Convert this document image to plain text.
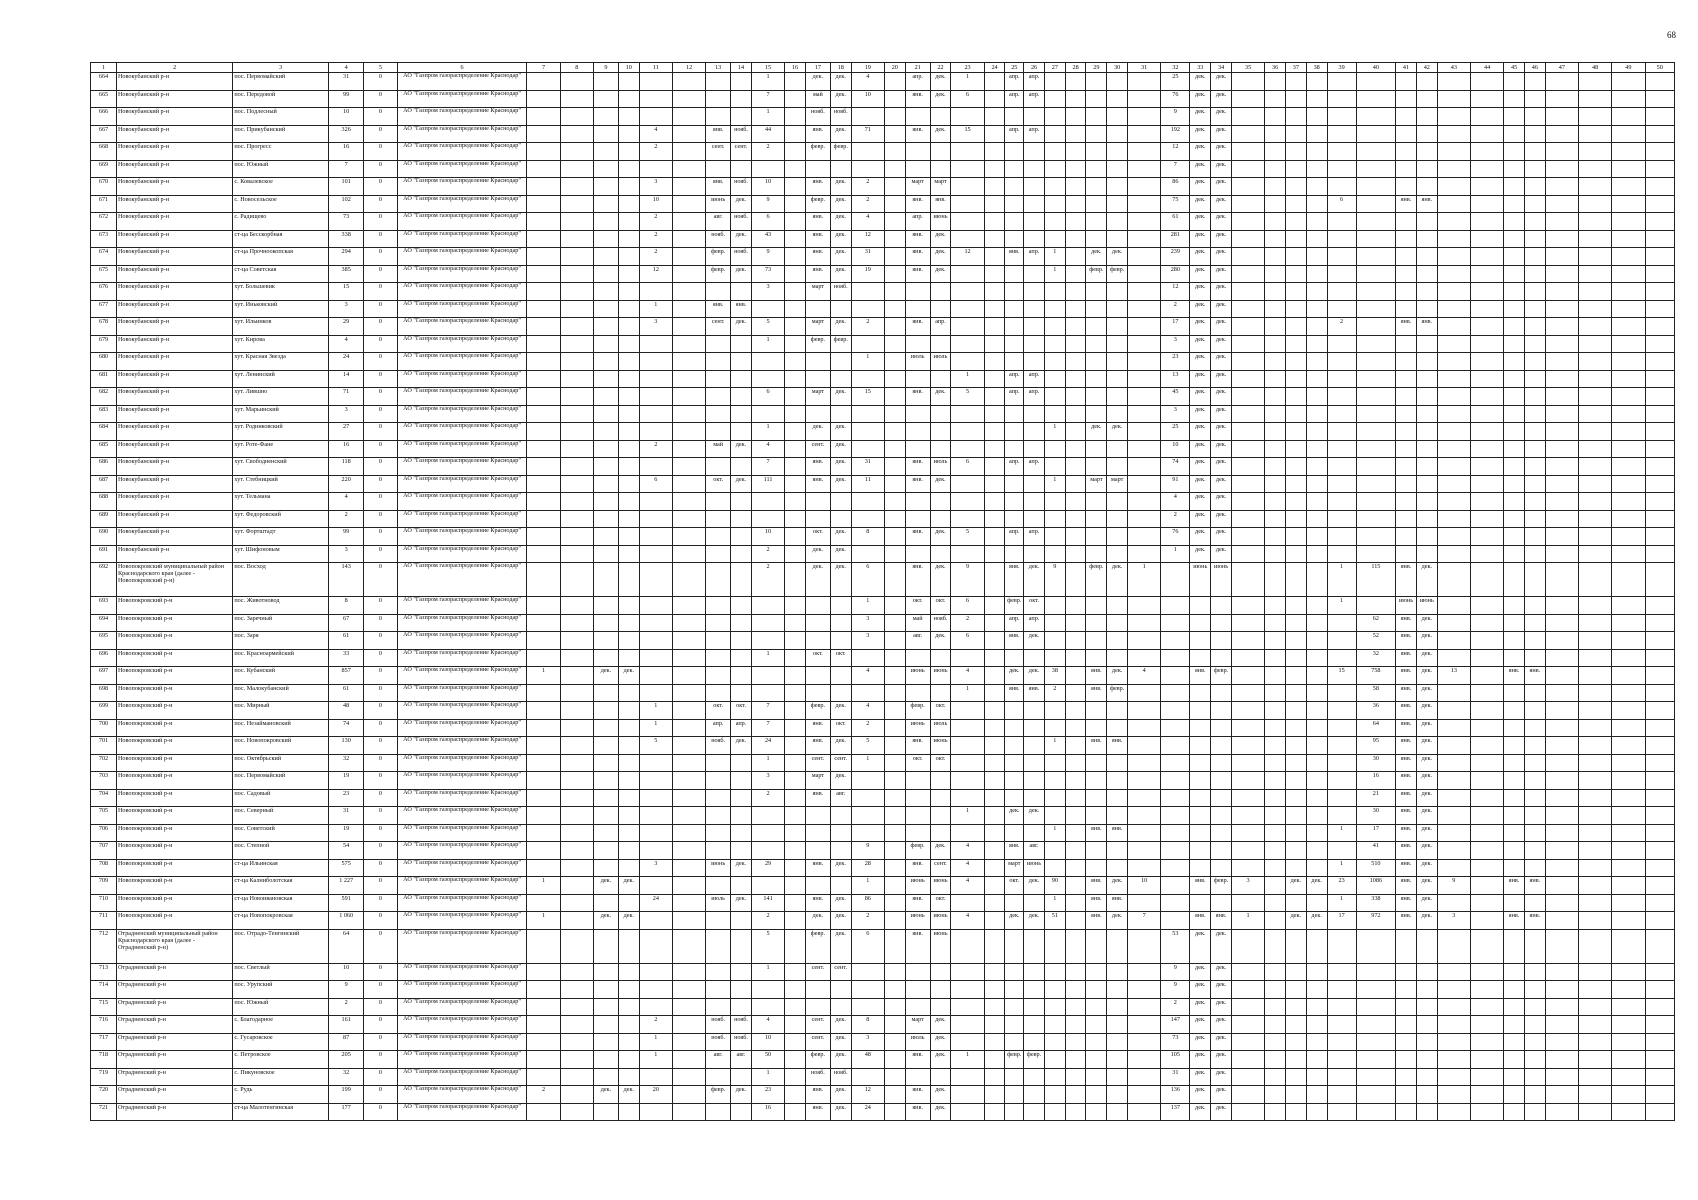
68
1	2	3	4	5	6	7	8	9	10	11	12	13	14	15	16	17	18	19	20	21	22	23	24	25	26	27	28	29	30	31	32	33	34	35	36	37	38	39	40	41	42	43	44	45	46	47	48	49	50
664	Новокубанский р-н	пос. Первомайский	31	0	АО "Газпром газораспределение Краснодар"									1		дек.	дек.	4		апр.	дек.	1		апр.	апр.						25	дек.	дек.																
665	Новокубанский р-н	пос. Передовой	99	0	АО "Газпром газораспределение Краснодар"									7		май	дек.	10		янв.	дек.	6		апр.	апр.						76	дек.	дек.																
666	Новокубанский р-н	пос. Подлесный	10	0	АО "Газпром газораспределение Краснодар"									1		нояб.	нояб.														9	дек.	дек.																
667	Новокубанский р-н	пос. Прикубанский	326	0	АО "Газпром газораспределение Краснодар"					4		янв.	нояб.	44		янв.	дек.	71		янв.	дек.	15		апр.	апр.						192	дек.	дек.																
668	Новокубанский р-н	пос. Прогресс	16	0	АО "Газпром газораспределение Краснодар"					2		сент.	сент.	2		февр.	февр.														12	дек.	дек.																
669	Новокубанский р-н	пос. Южный	7	0	АО "Газпром газораспределение Краснодар"																										7	дек.	дек.																
670	Новокубанский р-н	с. Ковалевское	101	0	АО "Газпром газораспределение Краснодар"					3		янв.	нояб.	10		янв.	дек.	2		март	март										86	дек.	дек.																
671	Новокубанский р-н	с. Новосельское	102	0	АО "Газпром газораспределение Краснодар"					10		июнь	дек.	9		февр.	дек.	2		янв.	янв.										75	дек.	дек.					6		янв.	янв.								
672	Новокубанский р-н	с. Радищево	73	0	АО "Газпром газораспределение Краснодар"					2		авг.	нояб.	6		янв.	дек.	4		апр.	июнь										61	дек.	дек.																
673	Новокубанский р-н	ст-ца Бесскорбная	338	0	АО "Газпром газораспределение Краснодар"					2		нояб.	дек.	43		янв.	дек.	12		янв.	дек.										281	дек.	дек.																
674	Новокубанский р-н	ст-ца Прочноокопская	294	0	АО "Газпром газораспределение Краснодар"					2		февр.	нояб.	9		янв.	дек.	31		янв.	дек.	12		янв.	апр.	1		дек.	дек.		239	дек.	дек.																
675	Новокубанский р-н	ст-ца Советская	385	0	АО "Газпром газораспределение Краснодар"					12		февр.	дек.	73		янв.	дек.	19		янв.	дек.					1		февр.	февр.		280	дек.	дек.																
676	Новокубанский р-н	хут. Большевик	15	0	АО "Газпром газораспределение Краснодар"									3		март	нояб.														12	дек.	дек.																
677	Новокубанский р-н	хут. Иньковский	3	0	АО "Газпром газораспределение Краснодар"					1		янв.	янв.																		2	дек.	дек.																
678	Новокубанский р-н	хут. Ильинков	29	0	АО "Газпром газораспределение Краснодар"					3		сент.	дек.	5		март	дек.	2		янв.	апр.										17	дек.	дек.					2		янв.	янв.								
679	Новокубанский р-н	хут. Кирова	4	0	АО "Газпром газораспределение Краснодар"									1		февр.	февр.														3	дек.	дек.																
680	Новокубанский р-н	хут. Красная Звезда	24	0	АО "Газпром газораспределение Краснодар"													1		июль	июль										23	дек.	дек.																
681	Новокубанский р-н	хут. Ленинский	14	0	АО "Газпром газораспределение Краснодар"																	1		апр.	апр.						13	дек.	дек.																
682	Новокубанский р-н	хут. Лившно	71	0	АО "Газпром газораспределение Краснодар"									6		март	дек.	15		янв.	дек.	5		апр.	апр.						45	дек.	дек.																
683	Новокубанский р-н	хут. Марьинский	3	0	АО "Газпром газораспределение Краснодар"																										3	дек.	дек.																
684	Новокубанский р-н	хут. Родниковский	27	0	АО "Газпром газораспределение Краснодар"									1		дек.	дек.									1		дек.	дек.		25	дек.	дек.																
685	Новокубанский р-н	хут. Роте-Фане	16	0	АО "Газпром газораспределение Краснодар"					2		май	дек.	4		сент.	дек.														10	дек.	дек.																
686	Новокубанский р-н	хут. Свободненский	118	0	АО "Газпром газораспределение Краснодар"									7		янв.	дек.	31		янв.	июль	6		апр.	апр.						74	дек.	дек.																
687	Новокубанский р-н	хут. Стебницкий	220	0	АО "Газпром газораспределение Краснодар"					6		окт.	дек.	111		янв.	дек.	11		янв.	дек.					1		март	март		91	дек.	дек.																
688	Новокубанский р-н	хут. Тельмана	4	0	АО "Газпром газораспределение Краснодар"																										4	дек.	дек.																
689	Новокубанский р-н	хут. Федоровский	2	0	АО "Газпром газораспределение Краснодар"																										2	дек.	дек.																
690	Новокубанский р-н	хут. Фортштадт	99	0	АО "Газпром газораспределение Краснодар"									10		окт.	дек.	8		янв.	дек.	5		апр.	апр.						76	дек.	дек.																
691	Новокубанский р-н	хут. Шифоновым	3	0	АО "Газпром газораспределение Краснодар"									2		дек.	дек.														1	дек.	дек.																
692	Новопокровский муниципальный район Краснодарского края (далее - Новопокровский р-н)	пос. Восход	143	0	АО "Газпром газораспределение Краснодар"									2		дек.	дек.	6		янв.	дек.	9		янв.	дек.	9		февр.	дек.	1		июнь	июнь					1	115	янв.	дек.								
693	Новопокровский р-н	пос. Животновод	8	0	АО "Газпром газораспределение Краснодар"													1		окт.	окт.	6		февр.	окт.													1		июнь	июнь								
694	Новопокровский р-н	пос. Заречный	67	0	АО "Газпром газораспределение Краснодар"													3		май	нояб.	2		апр.	апр.														62	янв.	дек.								
695	Новопокровский р-н	пос. Заря	61	0	АО "Газпром газораспределение Краснодар"													3		авг.	дек.	6		янв.	дек.														52	янв.	дек.								
696	Новопокровский р-н	пос. Красноармейский	33	0	АО "Газпром газораспределение Краснодар"									1		окт.	окт.																						32	янв.	дек.								
697	Новопокровский р-н	пос. Кубанский	857	0	АО "Газпром газораспределение Краснодар"	1		дек.	дек.									4		июнь	июнь	4		дек.	дек.	38		янв.	дек.	4		янв.	февр.					15	758	янв.	дек.	13		янв.	янв.				
698	Новопокровский р-н	пос. Малокубанский	61	0	АО "Газпром газораспределение Краснодар"																	1		янв.	янв.	2		янв.	февр.										58	янв.	дек.								
699	Новопокровский р-н	пос. Мирный	48	0	АО "Газпром газораспределение Краснодар"					1		окт.	окт.	7		февр.	дек.	4		февр.	окт.																		36	янв.	дек.								
700	Новопокровский р-н	пос. Незаймановский	74	0	АО "Газпром газораспределение Краснодар"					1		апр.	апр.	7		янв.	окт.	2		июнь	июль																		64	янв.	дек.								
701	Новопокровский р-н	пос. Новопокровский	130	0	АО "Газпром газораспределение Краснодар"					5		нояб.	дек.	24		янв.	дек.	5		янв.	июнь					1		янв.	янв.										95	янв.	дек.								
702	Новопокровский р-н	пос. Октябрьский	32	0	АО "Газпром газораспределение Краснодар"									1		сент.	сент.	1		окт.	окт.																		30	янв.	дек.								
703	Новопокровский р-н	пос. Первомайский	19	0	АО "Газпром газораспределение Краснодар"									3		март	дек.																						16	янв.	дек.								
704	Новопокровский р-н	пос. Садовый	23	0	АО "Газпром газораспределение Краснодар"									2		янв.	авг.																						21	янв.	дек.								
705	Новопокровский р-н	пос. Северный	31	0	АО "Газпром газораспределение Краснодар"																	1		дек.	дек.														30	янв.	дек.								
706	Новопокровский р-н	пос. Советский	19	0	АО "Газпром газораспределение Краснодар"																					1		янв.	янв.									1	17	янв.	дек.								
707	Новопокровский р-н	пос. Степной	54	0	АО "Газпром газораспределение Краснодар"													9		февр.	дек.	4		янв.	авг.														41	янв.	дек.								
708	Новопокровский р-н	ст-ца Ильинская	575	0	АО "Газпром газораспределение Краснодар"					3		июнь	дек.	29		янв.	дек.	28		янв.	сент.	4		март	июнь													1	510	янв.	дек.								
709	Новопокровский р-н	ст-ца Калниболотская	1 227	0	АО "Газпром газораспределение Краснодар"	1		дек.	дек.									1		июнь	июнь	4		окт.	дек.	90		янв.	дек.	10		янв.	февр.	3		дек.	дек.	23	1086	янв.	дек.	9		янв.	янв.				
710	Новопокровский р-н	ст-ца Новоивановская	591	0	АО "Газпром газораспределение Краснодар"					24		июль	дек.	141		янв.	дек.	86		янв.	окт.					1		янв.	янв.									1	338	янв.	дек.								
711	Новопокровский р-н	ст-ца Новопокровская	1 060	0	АО "Газпром газораспределение Краснодар"	1		дек.	дек.					2		дек.	дек.	2		июнь	июнь	4		дек.	дек.	51		янв.	дек.	7		янв.	янв.	1		дек.	дек.	17	972	янв.	дек.	3		янв.	янв.				
712	Отрадненский муниципальный район Краснодарского края (далее - Отрадненский р-н)	пос. Отрадо-Тенгинский	64	0	АО "Газпром газораспределение Краснодар"									5		февр.	дек.	6		янв.	июнь										53	дек.	дек.																
713	Отрадненский р-н	пос. Светлый	10	0	АО "Газпром газораспределение Краснодар"									1		сент.	сент.														9	дек.	дек.																
714	Отрадненский р-н	пос. Урупский	9	0	АО "Газпром газораспределение Краснодар"																										9	дек.	дек.																
715	Отрадненский р-н	пос. Южный	2	0	АО "Газпром газораспределение Краснодар"																										2	дек.	дек.																
716	Отрадненский р-н	с. Благодарное	161	0	АО "Газпром газораспределение Краснодар"					2		нояб.	нояб.	4		сент.	дек.	8		март	дек.										147	дек.	дек.																
717	Отрадненский р-н	с. Гусаровское	87	0	АО "Газпром газораспределение Краснодар"					1		нояб.	нояб.	10		сент.	дек.	3		июль	дек.										73	дек.	дек.																
718	Отрадненский р-н	с. Петровское	205	0	АО "Газпром газораспределение Краснодар"					1		авг.	авг.	50		февр.	дек.	48		янв.	дек.	1		февр.	февр.						105	дек.	дек.																
719	Отрадненский р-н	с. Пикуновское	32	0	АО "Газпром газораспределение Краснодар"									1		нояб.	нояб.														31	дек.	дек.																
720	Отрадненский р-н	с. Рудь	199	0	АО "Газпром газораспределение Краснодар"	2		дек.	дек.	20		февр.	дек.	23		янв.	дек.	12		янв.	дек.										136	дек.	дек.																
721	Отрадненский р-н	ст-ца Малотенгинская	177	0	АО "Газпром газораспределение Краснодар"									16		янв.	дек.	24		янв.	дек.										137	дек.	дек.																
